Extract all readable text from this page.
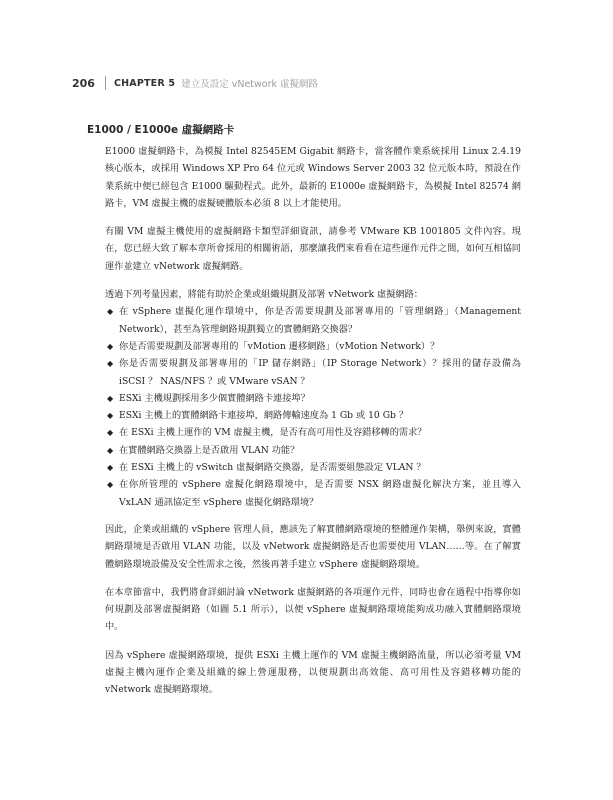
206 CHAPTER 5 建立及設定 vNetwork 虛擬網路
E1000 / E1000e 虛擬網路卡

E1000 虛擬網路卡，為模擬 Intel 82545EM Gigabit 網路卡，當客體作業系統採用 Linux 2.4.19 核心版本，或採用 Windows XP Pro 64 位元或 Windows Server 2003 32 位元版本時，預設在作業系統中便已經包含 E1000 驅動程式。此外，最新的 E1000e 虛擬網路卡，為模擬 Intel 82574 網路卡，VM 虛擬主機的虛擬硬體版本必須 8 以上才能使用。

有關 VM 虛擬主機使用的虛擬網路卡類型詳細資訊，請參考 VMware KB 1001805 文件內容。現在，您已經大致了解本章所會採用的相關術語，那麼讓我們來看看在這些運作元件之間，如何互相協同運作並建立 vNetwork 虛擬網路。

透過下列考量因素，將能有助於企業或組織規劃及部署 vNetwork 虛擬網路：

◆ 在 vSphere 虛擬化運作環境中，你是否需要規劃及部署專用的「管理網路」（Management Network），甚至為管理網路規劃獨立的實體網路交換器？
◆ 你是否需要規劃及部署專用的「vMotion 遷移網路」（vMotion Network）？
◆ 你是否需要規劃及部署專用的「IP 儲存網路」（IP Storage Network）？採用的儲存設備為 iSCSI ？ NAS/NFS ？或 VMware vSAN ？
◆ ESXi 主機規劃採用多少個實體網路卡連接埠？
◆ ESXi 主機上的實體網路卡連接埠，網路傳輸速度為 1 Gb 或 10 Gb ？
◆ 在 ESXi 主機上運作的 VM 虛擬主機，是否有高可用性及容錯移轉的需求？
◆ 在實體網路交換器上是否啟用 VLAN 功能？
◆ 在 ESXi 主機上的 vSwitch 虛擬網路交換器，是否需要組態設定 VLAN ？
◆ 在你所管理的 vSphere 虛擬化網路環境中，是否需要 NSX 網路虛擬化解決方案，並且導入 VxLAN 通訊協定至 vSphere 虛擬化網路環境？

因此，企業或組織的 vSphere 管理人員，應該先了解實體網路環境的整體運作架構，舉例來說，實體網路環境是否啟用 VLAN 功能，以及 vNetwork 虛擬網路是否也需要使用 VLAN……等。在了解實體網路環境設備及安全性需求之後，然後再著手建立 vSphere 虛擬網路環境。

在本章節當中，我們將會詳細討論 vNetwork 虛擬網路的各項運作元件，同時也會在過程中指導你如何規劃及部署虛擬網路（如圖 5.1 所示），以便 vSphere 虛擬網路環境能夠成功融入實體網路環境中。

因為 vSphere 虛擬網路環境，提供 ESXi 主機上運作的 VM 虛擬主機網路流量，所以必須考量 VM 虛擬主機內運作企業及組織的線上營運服務，以便規劃出高效能、高可用性及容錯移轉功能的 vNetwork 虛擬網路環境。
